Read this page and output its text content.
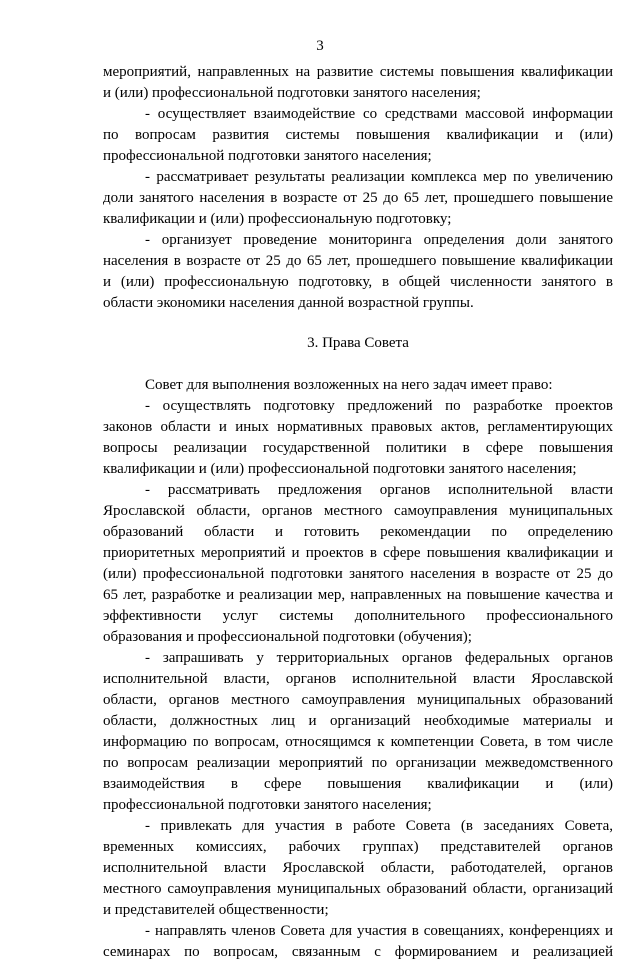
3

мероприятий, направленных на развитие системы повышения квалификации
и (или) профессиональной подготовки занятого населения;

- осуществляет взаимодействие со средствами массовой информации
по вопросам развития системы повышения квалификации и (или)
профессиональной подготовки занятого населения;

- рассматривает результаты реализации комплекса мер по увеличению
доли занятого населения в возрасте от 25 до 65 лет, прошедшего повышение
квалификации и (или) профессиональную подготовку;

- организует проведение мониторинга определения доли занятого
населения в возрасте от 25 до 65 лет, прошедшего повышение квалификации
и (или) профессиональную подготовку, в общей численности занятого в
области экономики населения данной возрастной группы.

3. Права Совета

Совет для выполнения возложенных на него задач имеет право:

- осуществлять подготовку предложений по разработке проектов
законов области и иных нормативных правовых актов, регламентирующих
вопросы реализации государственной политики в сфере повышения
квалификации и (или) профессиональной подготовки занятого населения;

- рассматривать предложения органов исполнительной власти
Ярославской области, органов местного самоуправления муниципальных
образований области и готовить рекомендации по определению
приоритетных мероприятий и проектов в сфере повышения квалификации и
(или) профессиональной подготовки занятого населения в возрасте от 25 до
65 лет, разработке и реализации мер, направленных на повышение качества и
эффективности услуг системы дополнительного профессионального
образования и профессиональной подготовки (обучения);

- запрашивать у территориальных органов федеральных органов
исполнительной власти, органов исполнительной власти Ярославской
области, органов местного самоуправления муниципальных образований
области, должностных лиц и организаций необходимые материалы и
информацию по вопросам, относящимся к компетенции Совета, в том числе
по вопросам реализации мероприятий по организации межведомственного
взаимодействия в сфере повышения квалификации и (или)
профессиональной подготовки занятого населения;

- привлекать для участия в работе Совета (в заседаниях Совета,
временных комиссиях, рабочих группах) представителей органов
исполнительной власти Ярославской области, работодателей, органов
местного самоуправления муниципальных образований области, организаций
и представителей общественности;

- направлять членов Совета для участия в совещаниях, конференциях и
семинарах по вопросам, связанным с формированием и реализацией
